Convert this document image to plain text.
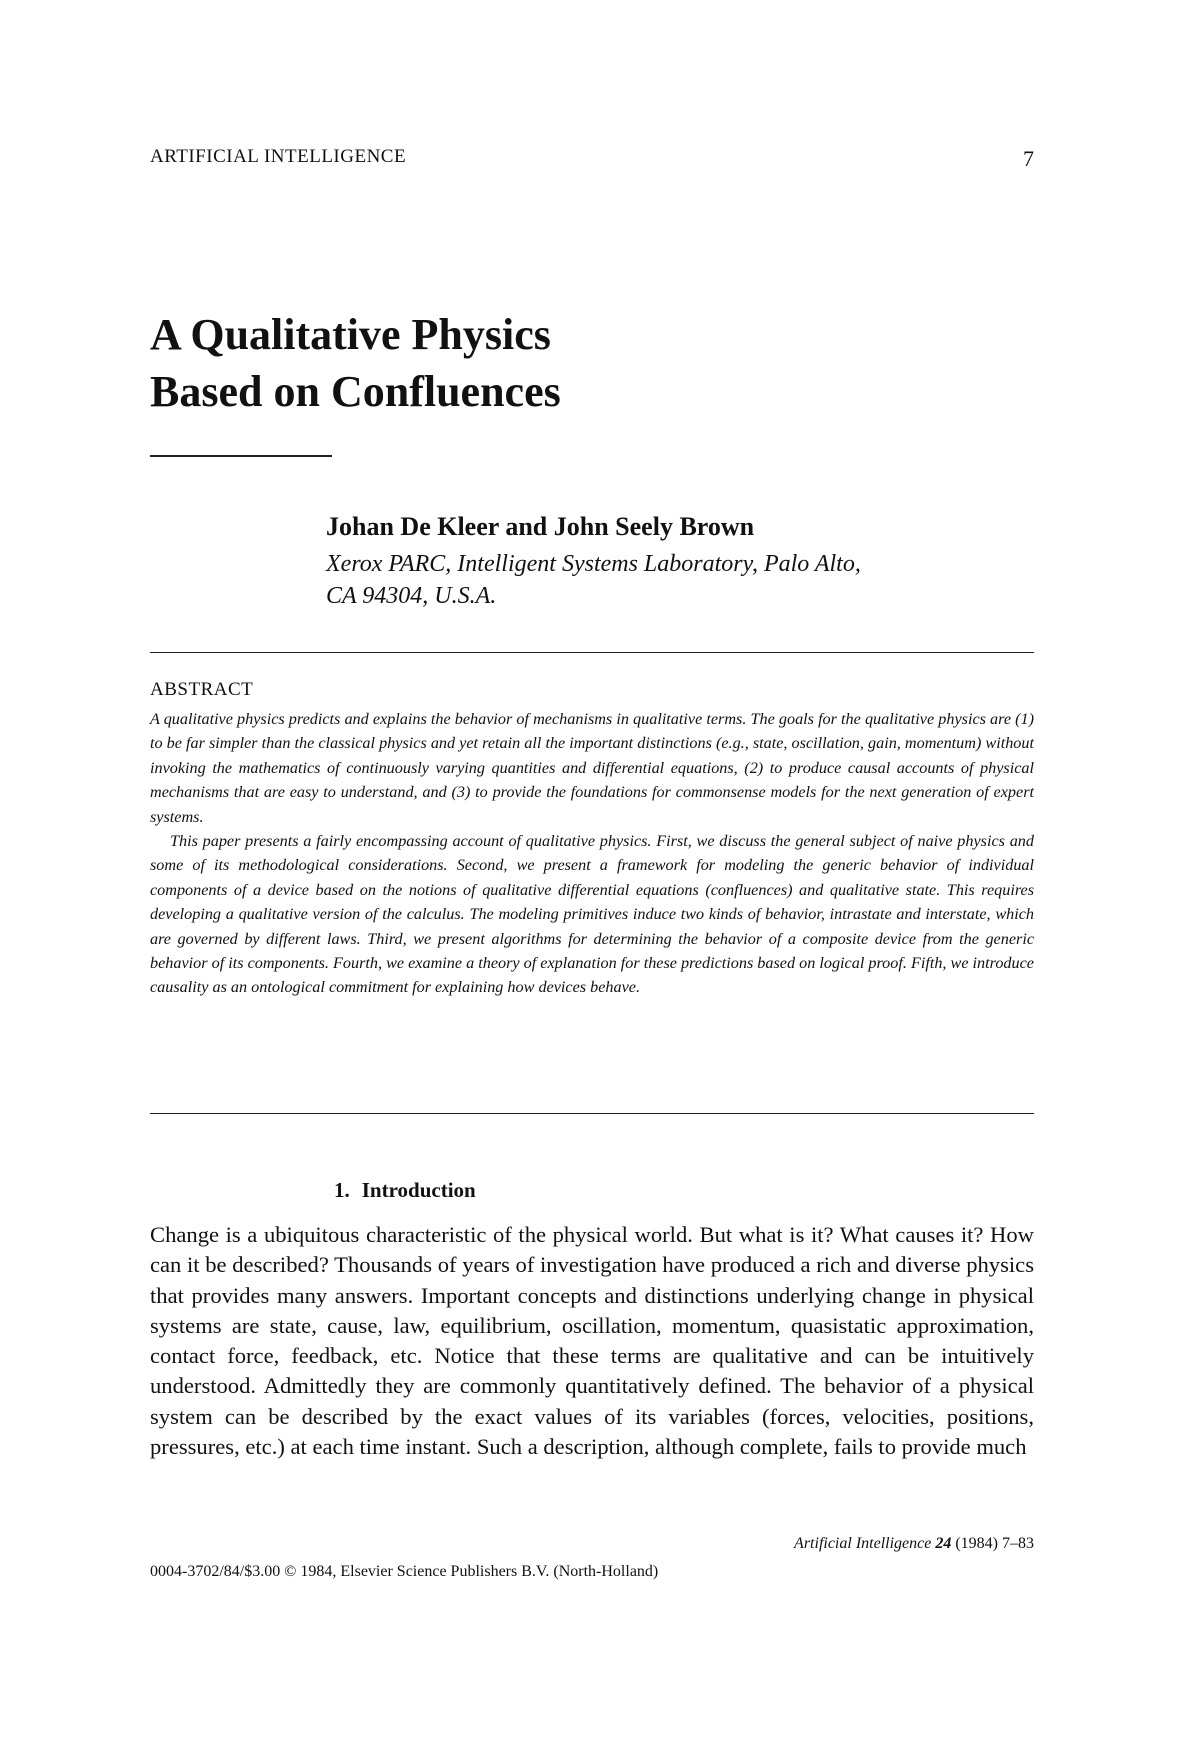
ARTIFICIAL INTELLIGENCE	7
A Qualitative Physics
Based on Confluences
Johan De Kleer and John Seely Brown
Xerox PARC, Intelligent Systems Laboratory, Palo Alto,
CA 94304, U.S.A.
ABSTRACT

A qualitative physics predicts and explains the behavior of mechanisms in qualitative terms. The goals for the qualitative physics are (1) to be far simpler than the classical physics and yet retain all the important distinctions (e.g., state, oscillation, gain, momentum) without invoking the mathematics of continuously varying quantities and differential equations, (2) to produce causal accounts of physical mechanisms that are easy to understand, and (3) to provide the foundations for commonsense models for the next generation of expert systems.

This paper presents a fairly encompassing account of qualitative physics. First, we discuss the general subject of naive physics and some of its methodological considerations. Second, we present a framework for modeling the generic behavior of individual components of a device based on the notions of qualitative differential equations (confluences) and qualitative state. This requires developing a qualitative version of the calculus. The modeling primitives induce two kinds of behavior, intrastate and interstate, which are governed by different laws. Third, we present algorithms for determining the behavior of a composite device from the generic behavior of its components. Fourth, we examine a theory of explanation for these predictions based on logical proof. Fifth, we introduce causality as an ontological commitment for explaining how devices behave.

1. Introduction

Change is a ubiquitous characteristic of the physical world. But what is it? What causes it? How can it be described? Thousands of years of investigation have produced a rich and diverse physics that provides many answers. Important concepts and distinctions underlying change in physical systems are state, cause, law, equilibrium, oscillation, momentum, quasistatic approximation, contact force, feedback, etc. Notice that these terms are qualitative and can be intuitively understood. Admittedly they are commonly quantitatively defined. The behavior of a physical system can be described by the exact values of its variables (forces, velocities, positions, pressures, etc.) at each time instant. Such a description, although complete, fails to provide much

Artificial Intelligence 24 (1984) 7–83
0004-3702/84/$3.00 © 1984, Elsevier Science Publishers B.V. (North-Holland)
